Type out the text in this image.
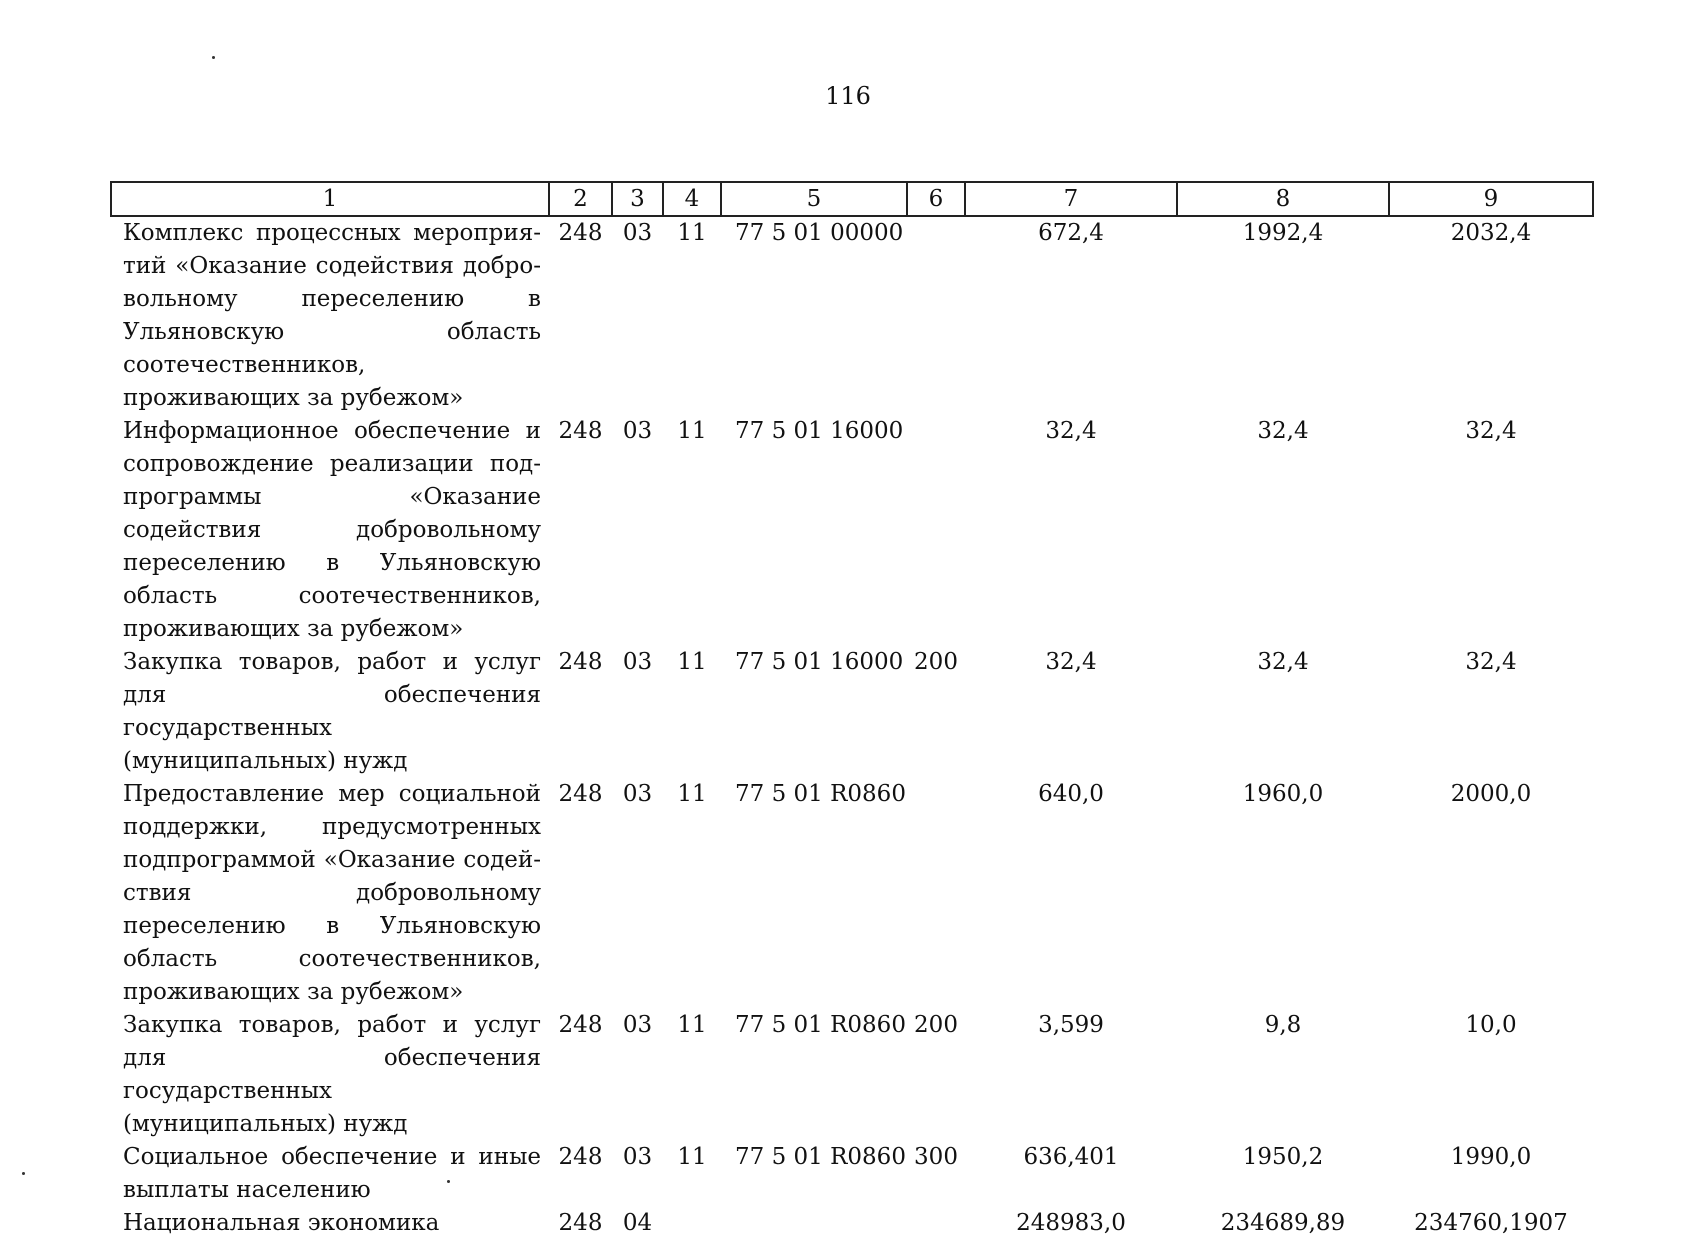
116
1	2	3	4	5	6	7	8	9
Комплекс процессных мероприятий «Оказание содействия добровольному переселению в Ульяновскую область соотечественников, проживающих за рубежом»	248	03	11	77 5 01 00000		672,4	1992,4	2032,4
Информационное обеспечение и сопровождение реализации подпрограммы «Оказание содействия добровольному переселению в Ульяновскую область соотечественников, проживающих за рубежом»	248	03	11	77 5 01 16000		32,4	32,4	32,4
Закупка товаров, работ и услуг для обеспечения государственных (муниципальных) нужд	248	03	11	77 5 01 16000	200	32,4	32,4	32,4
Предоставление мер социальной поддержки, предусмотренных подпрограммой «Оказание содействия добровольному переселению в Ульяновскую область соотечественников, проживающих за рубежом»	248	03	11	77 5 01 R0860		640,0	1960,0	2000,0
Закупка товаров, работ и услуг для обеспечения государственных (муниципальных) нужд	248	03	11	77 5 01 R0860	200	3,599	9,8	10,0
Социальное обеспечение и иные выплаты населению	248	03	11	77 5 01 R0860	300	636,401	1950,2	1990,0
Национальная экономика	248	04				248983,0	234689,89	234760,1907
